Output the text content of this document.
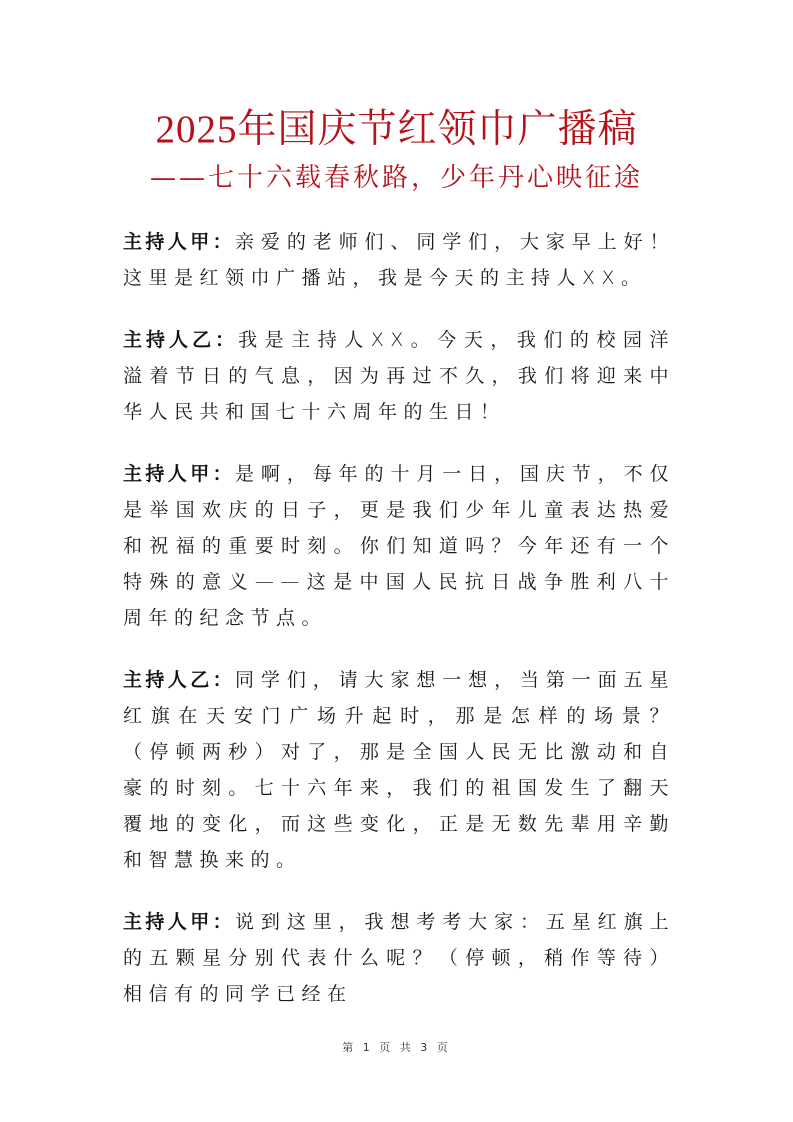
2025年国庆节红领巾广播稿
——七十六载春秋路，少年丹心映征途

主持人甲：亲爱的老师们、同学们，大家早上好！这里是红领巾广播站，我是今天的主持人XX。

主持人乙：我是主持人XX。今天，我们的校园洋溢着节日的气息，因为再过不久，我们将迎来中华人民共和国七十六周年的生日！

主持人甲：是啊，每年的十月一日，国庆节，不仅是举国欢庆的日子，更是我们少年儿童表达热爱和祝福的重要时刻。你们知道吗？今年还有一个特殊的意义——这是中国人民抗日战争胜利八十周年的纪念节点。

主持人乙：同学们，请大家想一想，当第一面五星红旗在天安门广场升起时，那是怎样的场景？（停顿两秒）对了，那是全国人民无比激动和自豪的时刻。七十六年来，我们的祖国发生了翻天覆地的变化，而这些变化，正是无数先辈用辛勤和智慧换来的。

主持人甲：说到这里，我想考考大家：五星红旗上的五颗星分别代表什么呢？（停顿，稍作等待）相信有的同学已经在

第 1 页 共 3 页
